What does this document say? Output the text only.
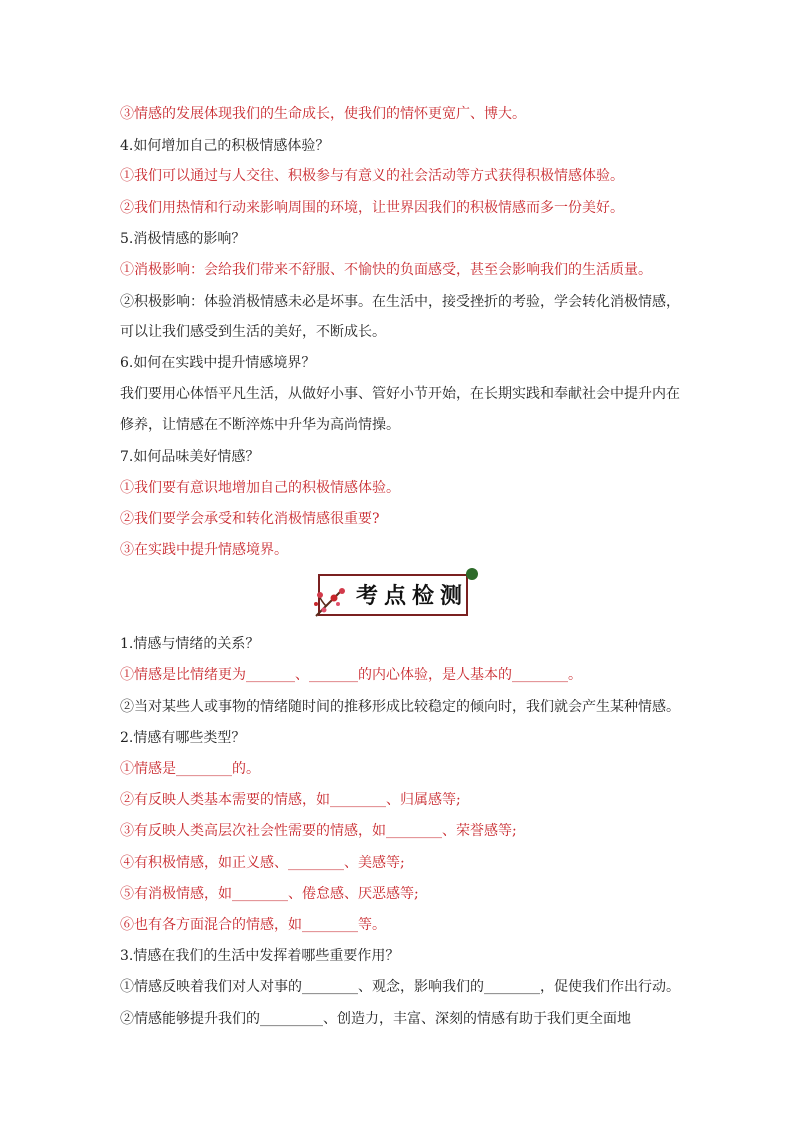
③情感的发展体现我们的生命成长，使我们的情怀更宽广、博大。
4.如何增加自己的积极情感体验？
①我们可以通过与人交往、积极参与有意义的社会活动等方式获得积极情感体验。
②我们用热情和行动来影响周围的环境，让世界因我们的积极情感而多一份美好。
5.消极情感的影响？
①消极影响：会给我们带来不舒服、不愉快的负面感受，甚至会影响我们的生活质量。
②积极影响：体验消极情感未必是坏事。在生活中，接受挫折的考验，学会转化消极情感，
可以让我们感受到生活的美好，不断成长。
6.如何在实践中提升情感境界？
我们要用心体悟平凡生活，从做好小事、管好小节开始，在长期实践和奉献社会中提升内在
修养，让情感在不断淬炼中升华为高尚情操。
7.如何品味美好情感？
①我们要有意识地增加自己的积极情感体验。
②我们要学会承受和转化消极情感很重要?
③在实践中提升情感境界。
考点检测
1.情感与情绪的关系？
①情感是比情绪更为_______、_______的内心体验，是人基本的________。
②当对某些人或事物的情绪随时间的推移形成比较稳定的倾向时，我们就会产生某种情感。
2.情感有哪些类型？
①情感是________的。
②有反映人类基本需要的情感，如________、归属感等;
③有反映人类高层次社会性需要的情感，如________、荣誉感等;
④有积极情感，如正义感、________、美感等;
⑤有消极情感，如________、倦怠感、厌恶感等;
⑥也有各方面混合的情感，如________等。
3.情感在我们的生活中发挥着哪些重要作用？
①情感反映着我们对人对事的________、观念，影响我们的________，促使我们作出行动。
②情感能够提升我们的_________、创造力，丰富、深刻的情感有助于我们更全面地
